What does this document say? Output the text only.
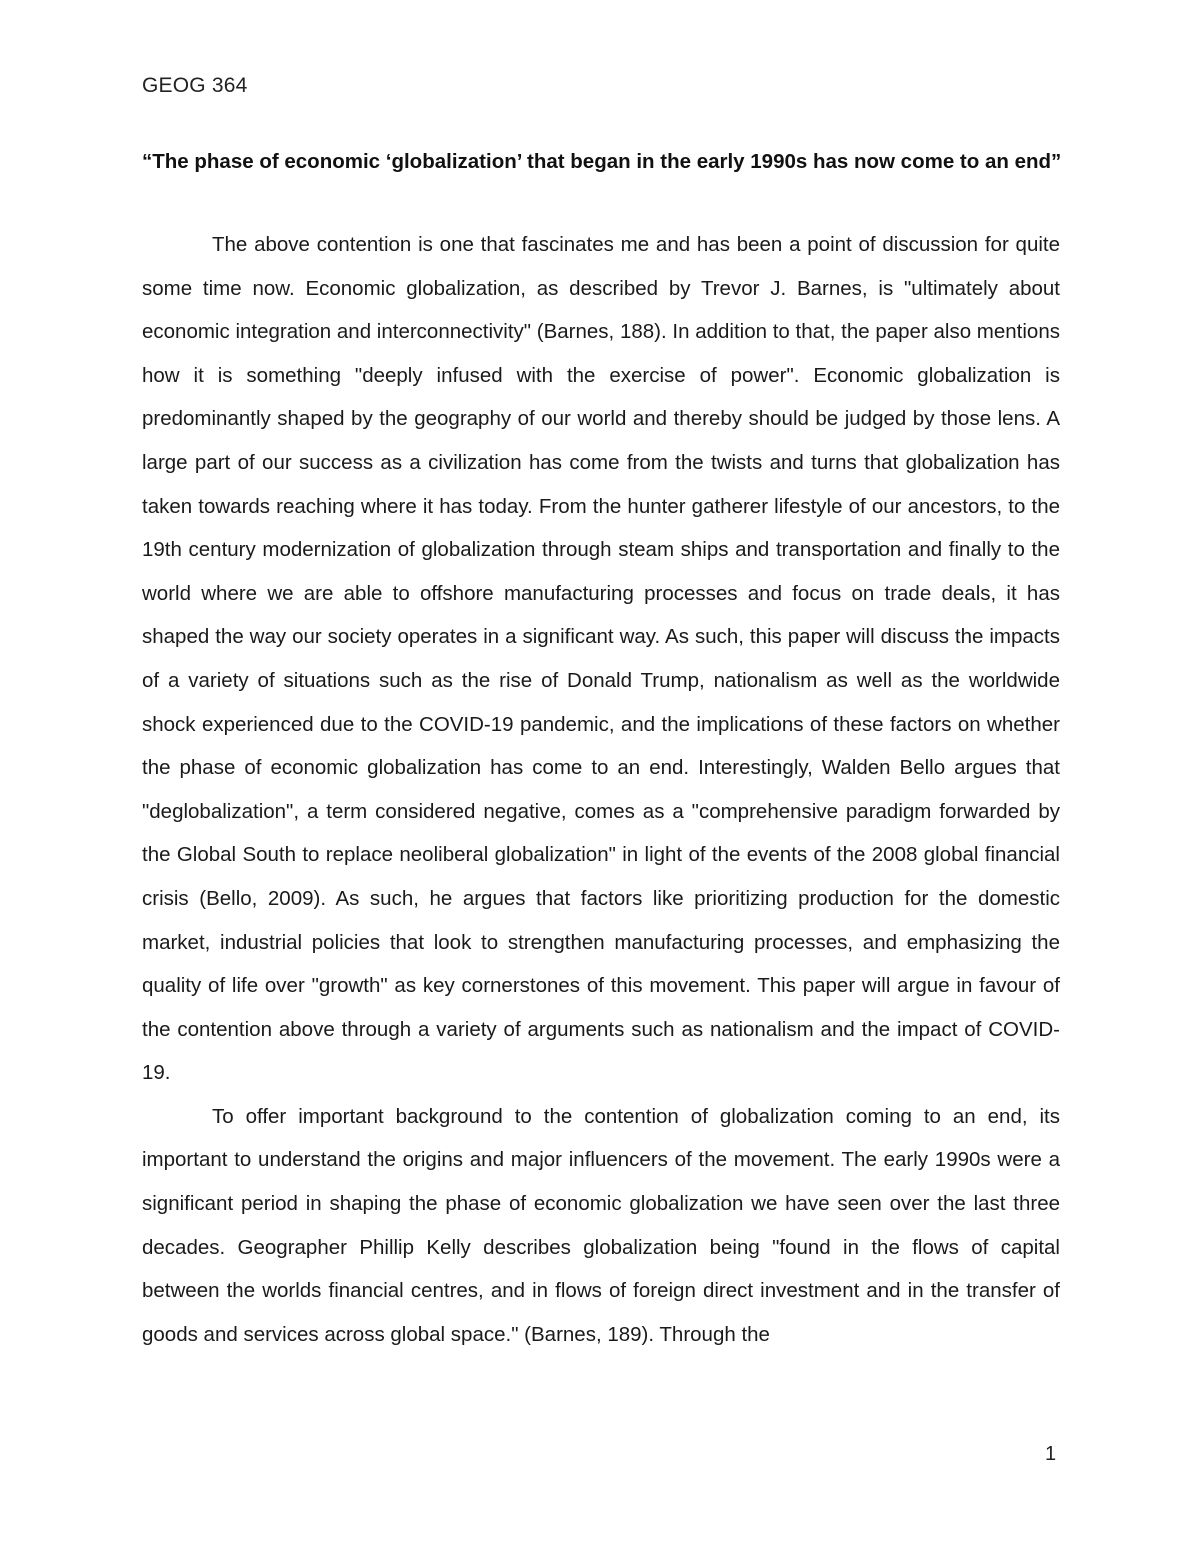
GEOG 364
“The phase of economic ‘globalization’ that began in the early 1990s has now come to an end”

The above contention is one that fascinates me and has been a point of discussion for quite some time now. Economic globalization, as described by Trevor J. Barnes, is "ultimately about economic integration and interconnectivity" (Barnes, 188). In addition to that, the paper also mentions how it is something "deeply infused with the exercise of power". Economic globalization is predominantly shaped by the geography of our world and thereby should be judged by those lens. A large part of our success as a civilization has come from the twists and turns that globalization has taken towards reaching where it has today. From the hunter gatherer lifestyle of our ancestors, to the 19th century modernization of globalization through steam ships and transportation and finally to the world where we are able to offshore manufacturing processes and focus on trade deals, it has shaped the way our society operates in a significant way. As such, this paper will discuss the impacts of a variety of situations such as the rise of Donald Trump, nationalism as well as the worldwide shock experienced due to the COVID-19 pandemic, and the implications of these factors on whether the phase of economic globalization has come to an end. Interestingly, Walden Bello argues that "deglobalization", a term considered negative, comes as a "comprehensive paradigm forwarded by the Global South to replace neoliberal globalization" in light of the events of the 2008 global financial crisis (Bello, 2009). As such, he argues that factors like prioritizing production for the domestic market, industrial policies that look to strengthen manufacturing processes, and emphasizing the quality of life over "growth" as key cornerstones of this movement. This paper will argue in favour of the contention above through a variety of arguments such as nationalism and the impact of COVID-19.

To offer important background to the contention of globalization coming to an end, its important to understand the origins and major influencers of the movement. The early 1990s were a significant period in shaping the phase of economic globalization we have seen over the last three decades. Geographer Phillip Kelly describes globalization being "found in the flows of capital between the worlds financial centres, and in flows of foreign direct investment and in the transfer of goods and services across global space." (Barnes, 189). Through the

1
